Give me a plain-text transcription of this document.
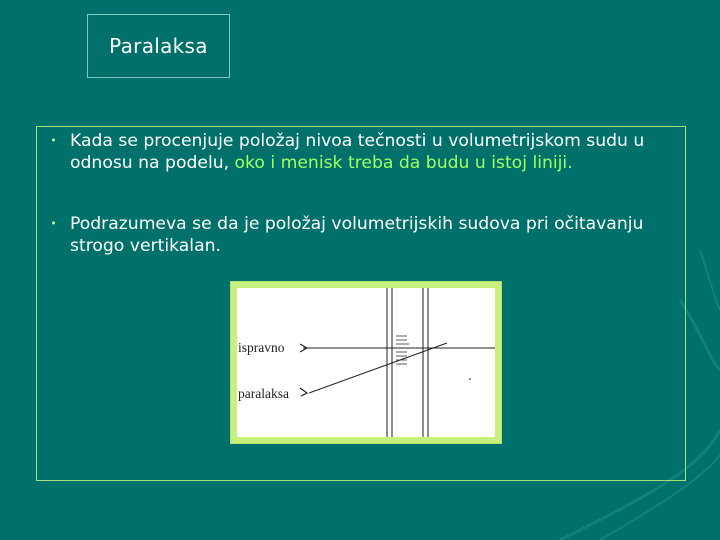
Paralaksa
• Kada se procenjuje položaj nivoa tečnosti u volumetrijskom sudu u odnosu na podelu, oko i menisk treba da budu u istoj liniji.
• Podrazumeva se da je položaj volumetrijskih sudova pri očitavanju strogo vertikalan.
ispravno
paralaksa
